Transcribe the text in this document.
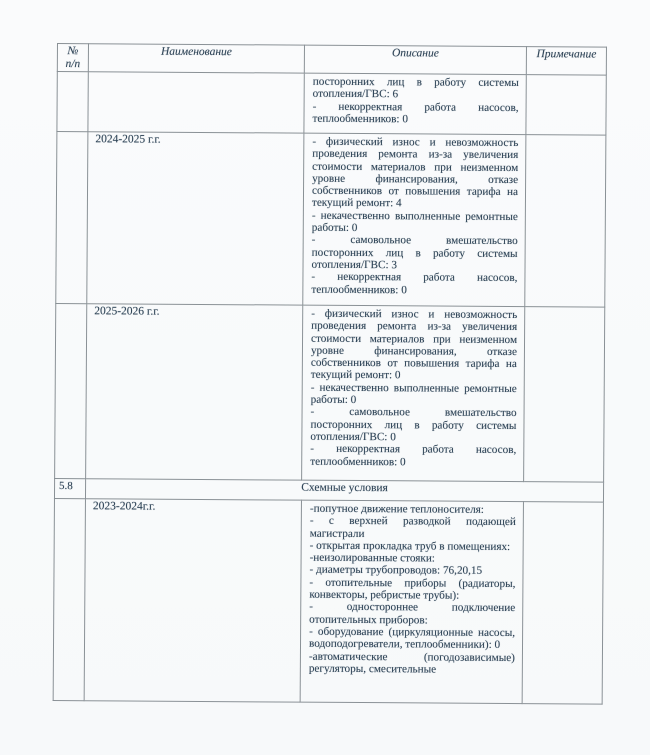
№
п/п	Наименование	Описание	Примечание

		посторонних лиц в работу системы отопления/ГВС: 6

- некорректная работа насосов, теплообменников: 0	

	2024-2025 г.г.	- физический износ и невозможность проведения ремонта из-за увеличения стоимости материалов при неизменном уровне финансирования, отказе собственников от повышения тарифа на текущий ремонт: 4

- некачественно выполненные ремонтные работы: 0

- самовольное вмешательство посторонних лиц в работу системы отопления/ГВС: 3

- некорректная работа насосов, теплообменников: 0	

	2025-2026 г.г.	- физический износ и невозможность проведения ремонта из-за увеличения стоимости материалов при неизменном уровне финансирования, отказе собственников от повышения тарифа на текущий ремонт: 0

- некачественно выполненные ремонтные работы: 0

- самовольное вмешательство посторонних лиц в работу системы отопления/ГВС: 0

- некорректная работа насосов, теплообменников: 0	

5.8	Схемные условия		
	2023-2024г.г.	-попутное движение теплоносителя:

- с верхней разводкой подающей магистрали

- открытая прокладка труб в помещениях:

-неизолированные стояки:

- диаметры трубопроводов: 76,20,15

- отопительные приборы (радиаторы, конвекторы, ребристые трубы):

- одностороннее подключение отопительных приборов:

- оборудование (циркуляционные насосы, водоподогреватели, теплообменники): 0

-автоматические (погодозависимые) регуляторы, смесительные
